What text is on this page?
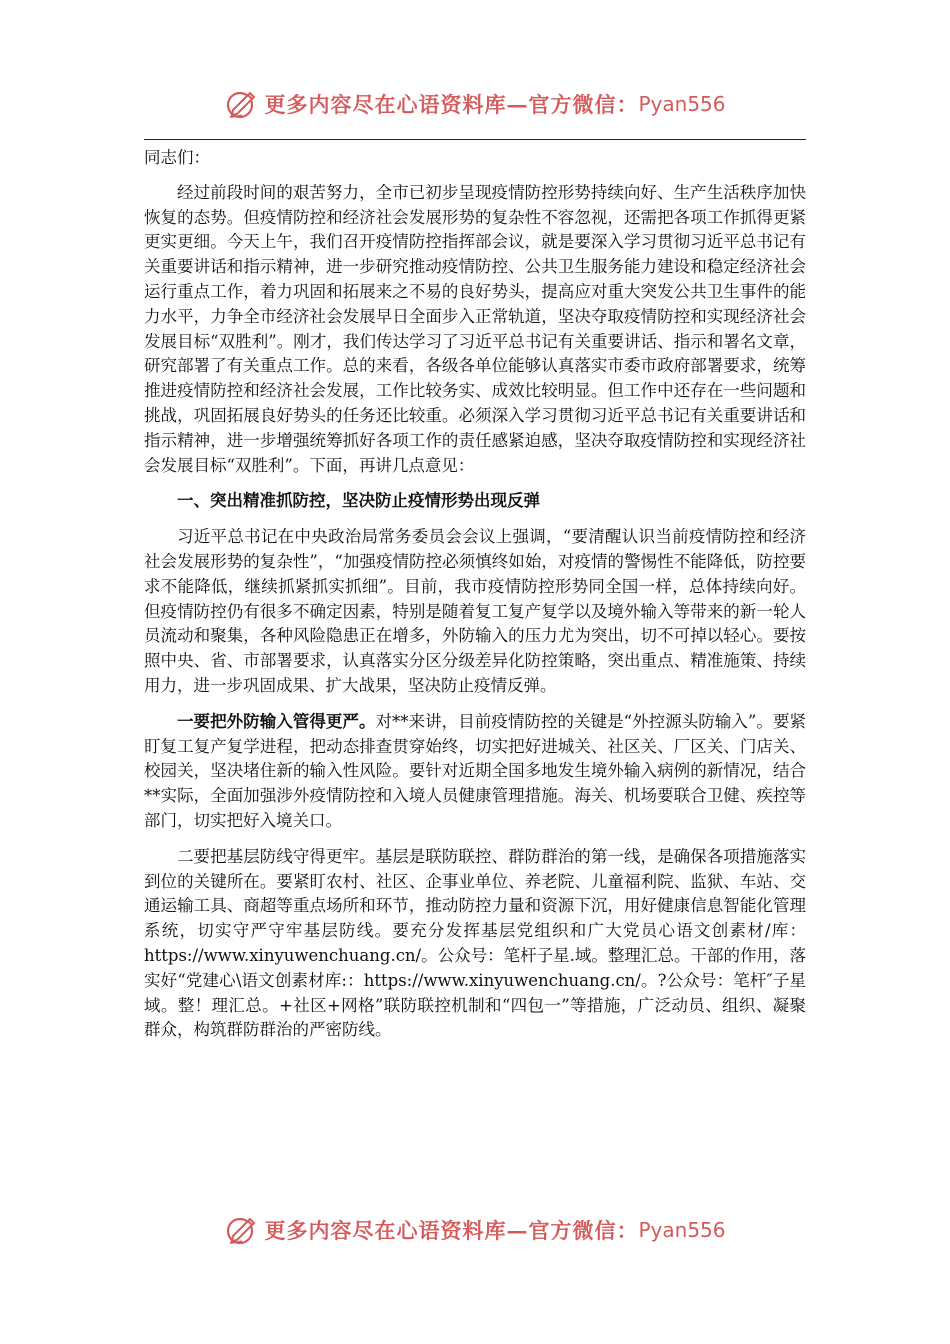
更多内容尽在心语资料库—官方微信： Pyan556

同志们：

经过前段时间的艰苦努力，全市已初步呈现疫情防控形势持续向好、生产生活秩序加快恢复的态势。但疫情防控和经济社会发展形势的复杂性不容忽视，还需把各项工作抓得更紧更实更细。今天上午，我们召开疫情防控指挥部会议，就是要深入学习贯彻习近平总书记有关重要讲话和指示精神，进一步研究推动疫情防控、公共卫生服务能力建设和稳定经济社会运行重点工作，着力巩固和拓展来之不易的良好势头，提高应对重大突发公共卫生事件的能力水平，力争全市经济社会发展早日全面步入正常轨道，坚决夺取疫情防控和实现经济社会发展目标“双胜利”。刚才，我们传达学习了习近平总书记有关重要讲话、指示和署名文章，研究部署了有关重点工作。总的来看，各级各单位能够认真落实市委市政府部署要求，统筹推进疫情防控和经济社会发展，工作比较务实、成效比较明显。但工作中还存在一些问题和挑战，巩固拓展良好势头的任务还比较重。必须深入学习贯彻习近平总书记有关重要讲话和指示精神，进一步增强统筹抓好各项工作的责任感紧迫感，坚决夺取疫情防控和实现经济社会发展目标“双胜利”。下面，再讲几点意见：

一、突出精准抓防控，坚决防止疫情形势出现反弹

习近平总书记在中央政治局常务委员会会议上强调，“要清醒认识当前疫情防控和经济社会发展形势的复杂性”，“加强疫情防控必须慎终如始，对疫情的警惕性不能降低，防控要求不能降低，继续抓紧抓实抓细”。目前，我市疫情防控形势同全国一样，总体持续向好。但疫情防控仍有很多不确定因素，特别是随着复工复产复学以及境外输入等带来的新一轮人员流动和聚集，各种风险隐患正在增多，外防输入的压力尤为突出，切不可掉以轻心。要按照中央、省、市部署要求，认真落实分区分级差异化防控策略，突出重点、精准施策、持续用力，进一步巩固成果、扩大战果，坚决防止疫情反弹。

一要把外防输入管得更严。对**来讲，目前疫情防控的关键是“外控源头防输入”。要紧盯复工复产复学进程，把动态排查贯穿始终，切实把好进城关、社区关、厂区关、门店关、校园关，坚决堵住新的输入性风险。要针对近期全国多地发生境外输入病例的新情况，结合**实际，全面加强涉外疫情防控和入境人员健康管理措施。海关、机场要联合卫健、疾控等部门，切实把好入境关口。

二要把基层防线守得更牢。基层是联防联控、群防群治的第一线，是确保各项措施落实到位的关键所在。要紧盯农村、社区、企事业单位、养老院、儿童福利院、监狱、车站、交通运输工具、商超等重点场所和环节，推动防控力量和资源下沉，用好健康信息智能化管理系统，切实守严守牢基层防线。要充分发挥基层党组织和广大党员心语文创素材/库：https://www.xinyuwenchuang.cn/。公众号：笔杆子星.域。整理汇总。干部的作用，落实好“党建心\语文创素材库:：https://www.xinyuwenchuang.cn/。?公众号：笔杆″子星域。整！理汇总。+社区+网格”联防联控机制和“四包一”等措施，广泛动员、组织、凝聚群众，构筑群防群治的严密防线。

更多内容尽在心语资料库—官方微信： Pyan556
